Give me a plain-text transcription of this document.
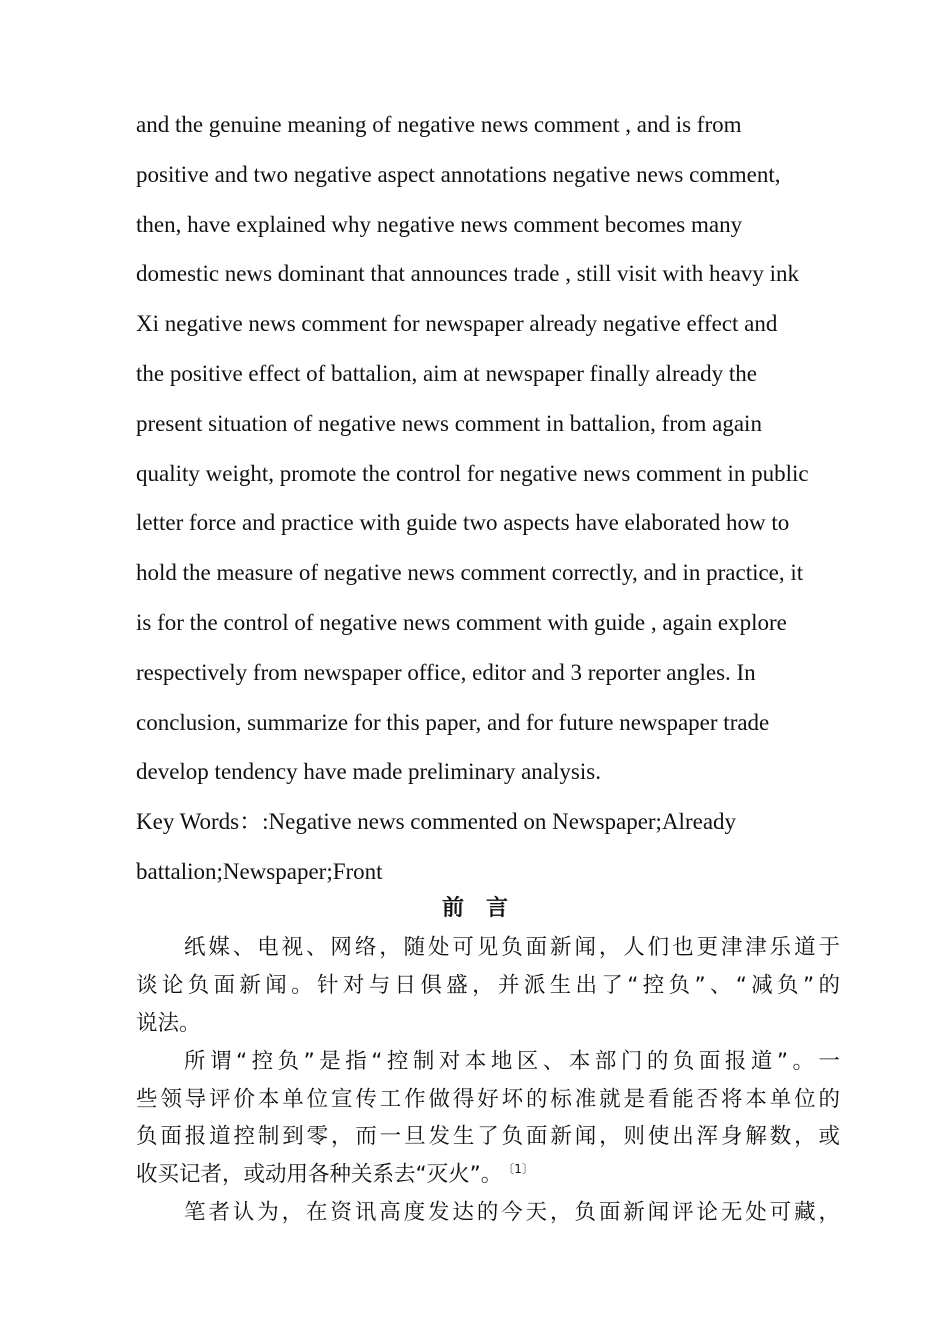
and the genuine meaning of negative news comment , and is from
positive and two negative aspect annotations negative news comment,
then, have explained why negative news comment becomes many
domestic news dominant that announces trade , still visit with heavy ink
Xi negative news comment for newspaper already negative effect and
the positive effect of battalion, aim at newspaper finally already the
present situation of negative news comment in battalion, from again
quality weight, promote the control for negative news comment in public
letter force and practice with guide two aspects have elaborated how to
hold the measure of negative news comment correctly, and in practice, it
is for the control of negative news comment with guide , again explore
respectively from newspaper office, editor and 3 reporter angles. In
conclusion, summarize for this paper, and for future newspaper trade
develop tendency have made preliminary analysis.
Key Words：:Negative news commented on Newspaper;Already
battalion;Newspaper;Front
前 言
纸媒、电视、网络，随处可见负面新闻，人们也更津津乐道于
谈论负面新闻。针对与日俱盛，并派生出了“控负”、“减负”的
说法。
所谓“控负”是指“控制对本地区、本部门的负面报道”。一
些领导评价本单位宣传工作做得好坏的标准就是看能否将本单位的
负面报道控制到零，而一旦发生了负面新闻，则使出浑身解数，或
收买记者，或动用各种关系去“灭火”。 $^{〔1〕}$
笔者认为，在资讯高度发达的今天，负面新闻评论无处可藏，
